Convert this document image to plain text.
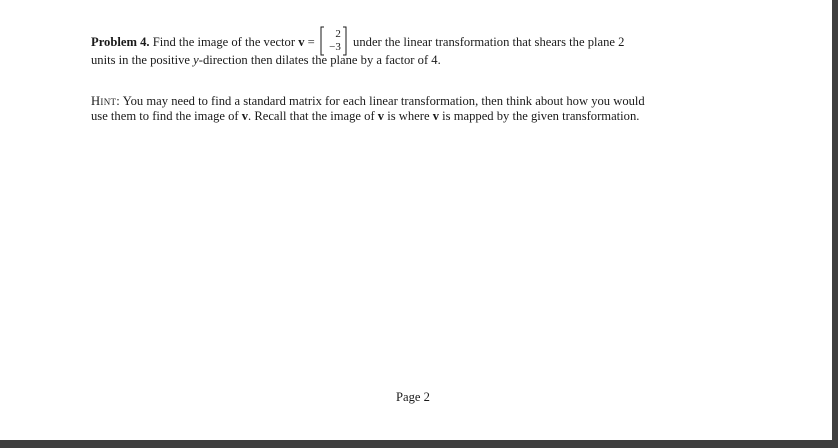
Problem 4. Find the image of the vector v =
2
−3 under the linear transformation that shears the plane 2
units in the positive y-direction then dilates the plane by a factor of 4.
Hint: You may need to find a standard matrix for each linear transformation, then think about how you would
use them to find the image of v. Recall that the image of v is where v is mapped by the given transformation.
Page 2
